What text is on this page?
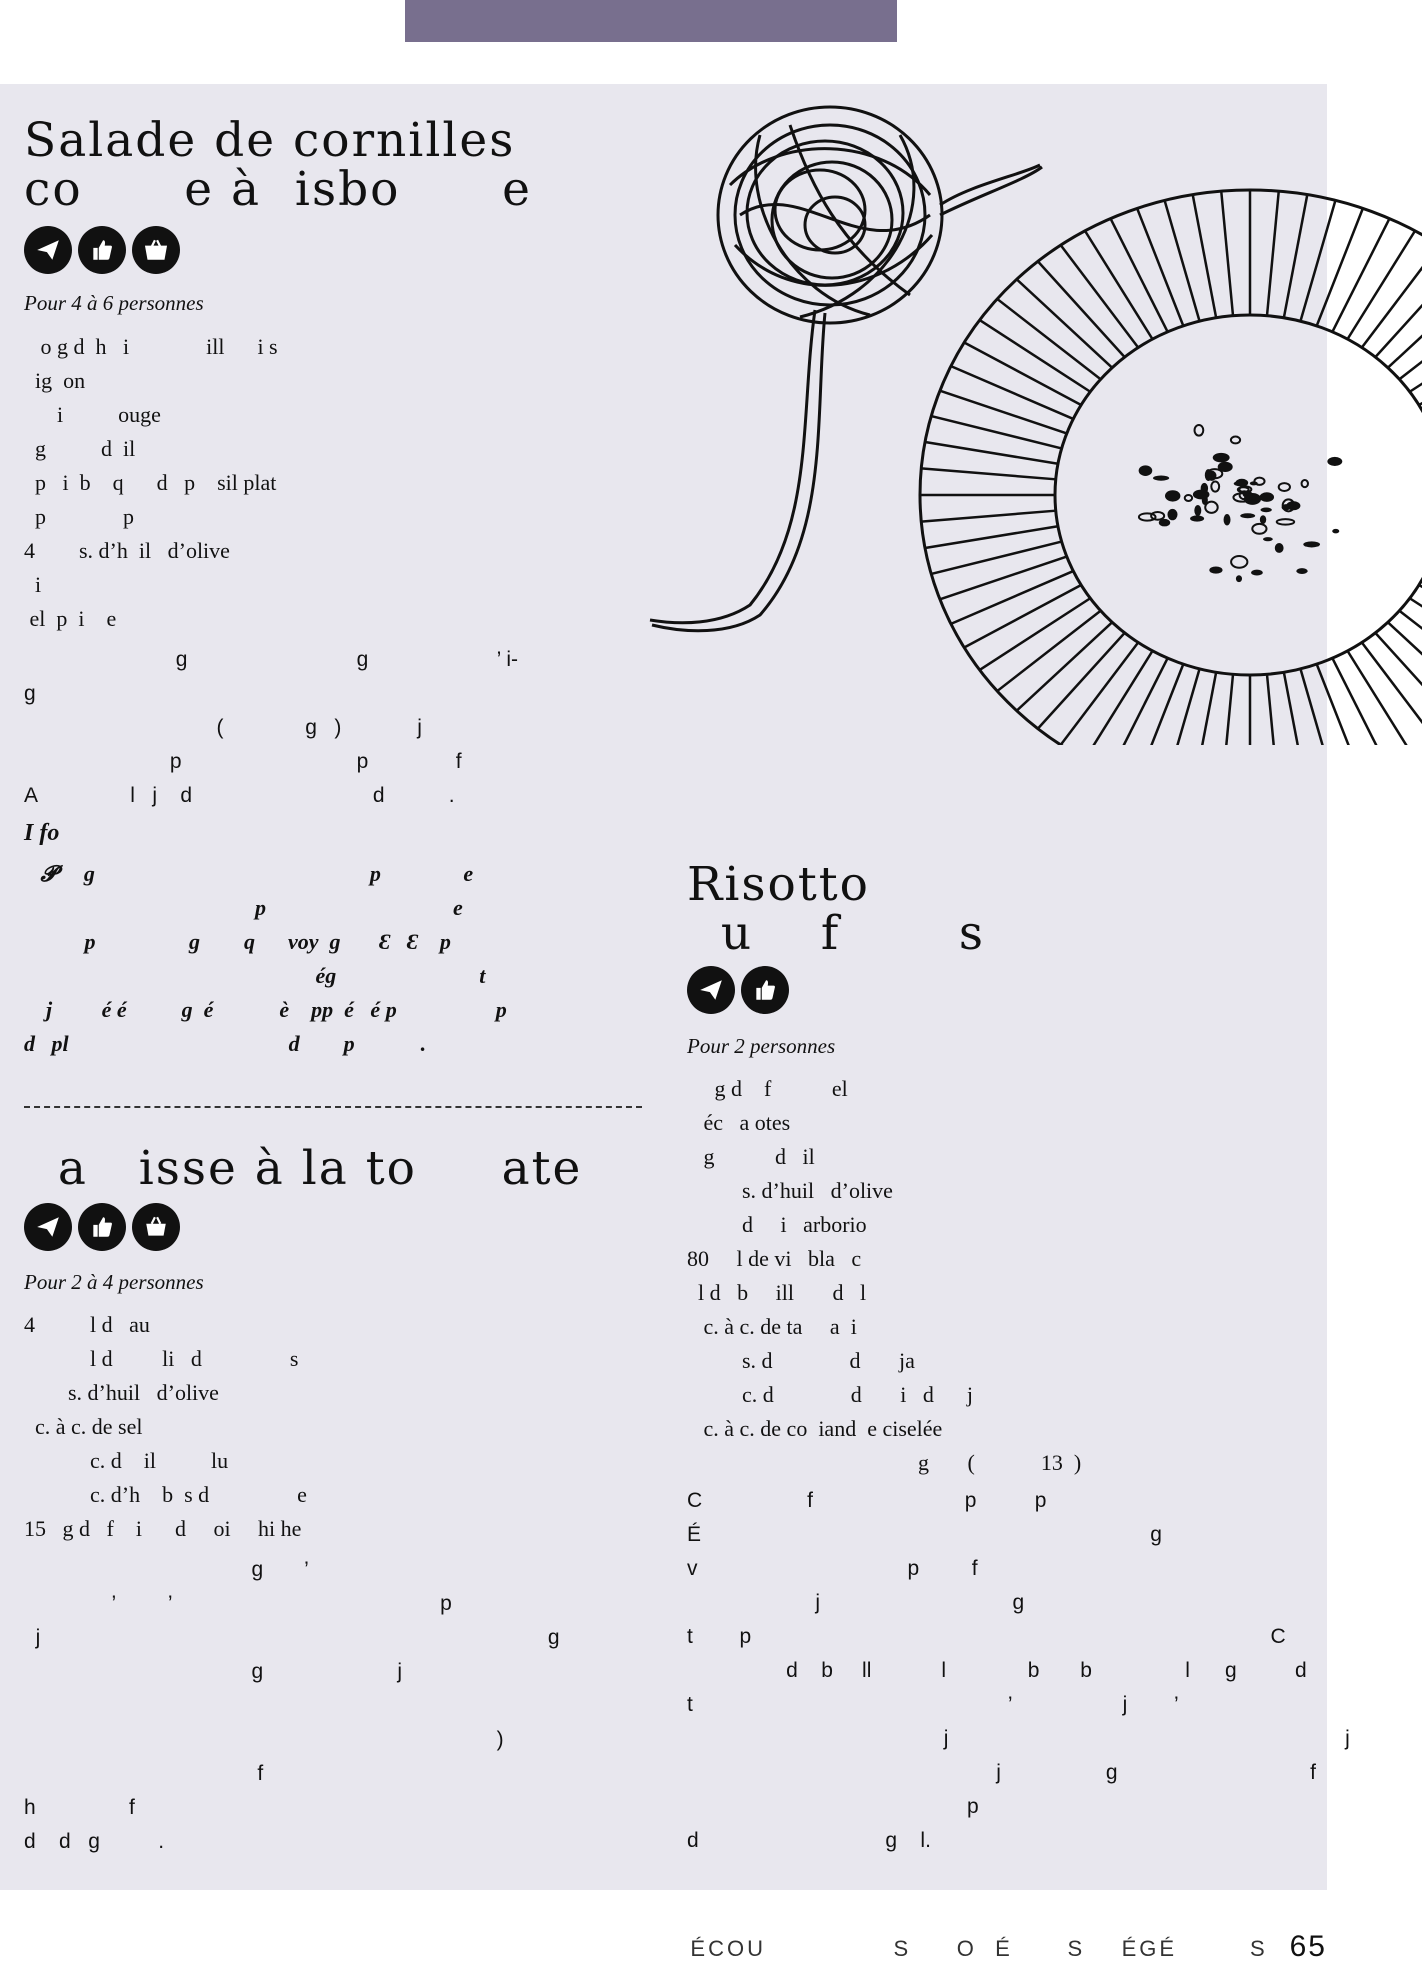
Salade de cornilles
co      e à  isbo      e
Pour 4 à 6 personnes
o g d  h   i              ill      i s
ig  on
i          ouge
g          d  il
p   i  b    q      d   p    sil plat
p              p
4        s. d’h  il   d’olive
i
el  p  i    e
g                             g                      ’ i-
g
(              g   )             j
p                              p               f
A                l   j    d                               d           .
I fo
𝓟     g                                                  p               e
p                                  e
p                 g        q      voy  g       Ɛ   Ɛ    p
ég                          t
j         é é          g  é            è    pp  é   é p                  p
d   pl                                        d        p            .
a   isse à la to     ate
Pour 2 à 4 personnes
4          l d   au
l d         li   d                s
s. d’huil   d’olive
c. à c. de sel
c. d    il          lu
c. d’h    b  s d                e
15   g d   f    i      d     oi     hi he
g       ’
’         ’                                              p
j                                                                                       g
g                       j

)
f
h                f
d    d   g          .
Risotto
u    f       s
Pour 2 personnes
g d    f           el
éc   a otes
g           d   il
s. d’huil   d’olive
d     i   arborio
80     l de vi   bla   c
l d   b     ill       d   l
c. à c. de ta     a  i
s. d              d       ja
c. d              d       i   d      j
c. à c. de co  iand  e ciselée
g       (            13  )
C                  f                          p          p
É                                                                             g
v                                    p         f
j                                 g
t        p                                                                                         C
d    b     ll            l              b       b                l      g          d
t                                                      ’                   j        ’
j                                                                    j
j                  g                                 f
p
d                                g    l.
ÉCOU              S     O  É      S    ÉGÉ        S 65
